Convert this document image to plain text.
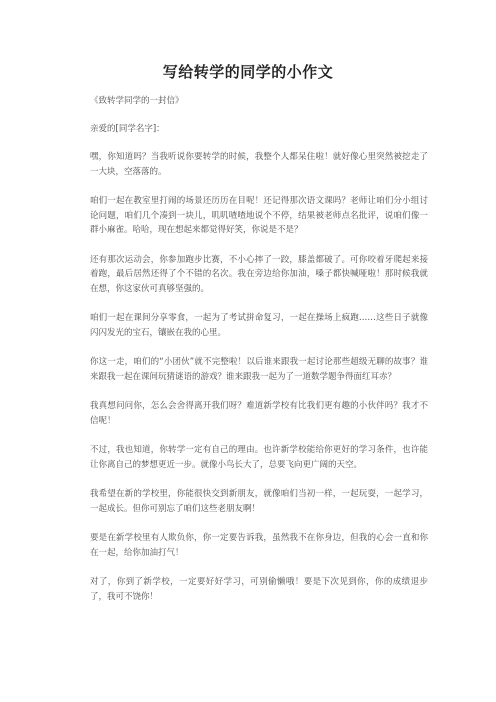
写给转学的同学的小作文
《致转学同学的一封信》
亲爱的[同学名字]：
嘿，你知道吗？当我听说你要转学的时候，我整个人都呆住啦！就好像心里突然被挖走了一大块，空落落的。
咱们一起在教室里打闹的场景还历历在目呢！还记得那次语文课吗？老师让咱们分小组讨论问题，咱们几个凑到一块儿，叽叽喳喳地说个不停，结果被老师点名批评，说咱们像一群小麻雀。哈哈，现在想起来都觉得好笑，你说是不是？
还有那次运动会，你参加跑步比赛，不小心摔了一跤，膝盖都破了。可你咬着牙爬起来接着跑，最后居然还得了个不错的名次。我在旁边给你加油，嗓子都快喊哑啦！那时候我就在想，你这家伙可真够坚强的。
咱们一起在课间分享零食，一起为了考试拼命复习，一起在操场上疯跑……这些日子就像闪闪发光的宝石，镶嵌在我的心里。
你这一走，咱们的“小团伙”就不完整啦！以后谁来跟我一起讨论那些超级无聊的故事？谁来跟我一起在课间玩猜谜语的游戏？谁来跟我一起为了一道数学题争得面红耳赤？
我真想问问你，怎么会舍得离开我们呀？难道新学校有比我们更有趣的小伙伴吗？我才不信呢！
不过，我也知道，你转学一定有自己的理由。也许新学校能给你更好的学习条件，也许能让你离自己的梦想更近一步。就像小鸟长大了，总要飞向更广阔的天空。
我希望在新的学校里，你能很快交到新朋友，就像咱们当初一样，一起玩耍，一起学习，一起成长。但你可别忘了咱们这些老朋友啊！
要是在新学校里有人欺负你，你一定要告诉我，虽然我不在你身边，但我的心会一直和你在一起，给你加油打气！
对了，你到了新学校，一定要好好学习，可别偷懒哦！要是下次见到你，你的成绩退步了，我可不饶你！
